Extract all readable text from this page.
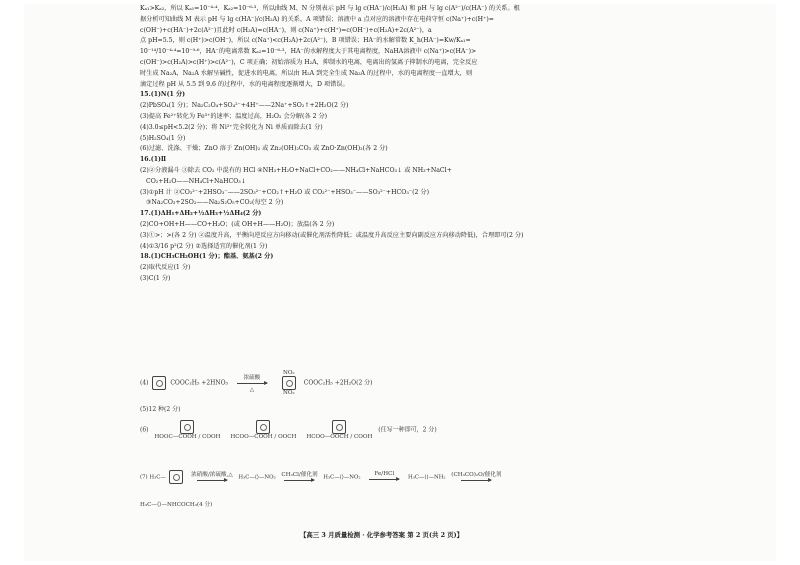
Kₐ₁>Kₐ₂，所以 Kₐ₁=10⁻⁴·⁴，Kₐ₂=10⁻⁶·³，所以曲线 M、N 分别表示 pH 与 lg c(HA⁻)/c(H₂A) 和 pH 与 lg c(A²⁻)/c(HA⁻) 的关系。根
据分析可知曲线 M 表示 pH 与 lg c(HA⁻)/c(H₂A) 的关系，A 项错误；溶液中 a 点对应的溶液中存在电荷守恒 c(Na⁺)+c(H⁺)=
c(OH⁻)+c(HA⁻)+2c(A²⁻)且此时 c(H₂A)=c(HA⁻)，则 c(Na⁺)+c(H⁺)=c(OH⁻)+c(H₂A)+2c(A²⁻)，a
点 pH=5.5，则 c(H⁺)>c(OH⁻)，所以 c(Na⁺)<c(H₂A)+2c(A²⁻)，B 项错误；HA⁻的水解常数 K_h(HA⁻)=Kw/Kₐ₁=
10⁻¹⁴/10⁻⁴·⁴=10⁻⁹·⁶，HA⁻的电离常数 Kₐ₂=10⁻⁶·³，HA⁻的水解程度大于其电离程度，NaHA溶液中 c(Na⁺)>c(HA⁻)>
c(OH⁻)>c(H₂A)>c(H⁺)>c(A²⁻)，C 项正确；初始溶质为 H₂A，抑制水的电离，电离出的氢离子抑制水的电离，完全反应
时生成 Na₂A，Na₂A 水解呈碱性，促进水的电离，所以由 H₂A 到完全生成 Na₂A 的过程中，水的电离程度一直增大，则
滴定过程 pH 从 5.5 到 9.6 的过程中，水的电离程度逐渐增大，D 项错误。
15.(1)N(1 分)
(2)PbSO₄(1 分)；Na₂C₂O₄+SO₄²⁻+4H⁺——2Na⁺+SO₂↑+2H₂O(2 分)
(3)提高 Fe²⁺转化为 Fe³⁺的速率；温度过高，H₂O₂ 会分解(各 2 分)
(4)3.0≤pH<5.2(2 分)；将 Ni²⁺完全转化为 Ni 单质而除去(1 分)
(5)H₂SO₄(1 分)
(6)过滤、洗涤、干燥；ZnO 溶于 Zn(OH)₂ 或 Zn₂(OH)₂CO₃ 或 ZnO·Zn(OH)₂(各 2 分)
16.(1)Ⅱ
(2)②分液漏斗 ③除去 CO₂ 中混有的 HCl ④NH₃+H₂O+NaCl+CO₂——NH₄Cl+NaHCO₃↓ 或 NH₃+NaCl+
CO₂+H₂O——NH₄Cl+NaHCO₃↓
(3)①pH 计 ②CO₃²⁻+2HSO₃⁻——2SO₃²⁻+CO₂↑+H₂O 或 CO₃²⁻+HSO₃⁻——SO₃²⁻+HCO₃⁻(2 分)
③Na₂CO₃+2SO₂——Na₂S₂O₅+CO₂(每空 2 分)
17.(1)ΔH₁+ΔH₂+½ΔH₃+½ΔH₄(2 分)
(2)CO+OH+H——CO+H₂O；(或 OH+H——H₂O)；放温(各 2 分)
(3)①>；>(各 2 分) ②温度升高，平衡向逆反应方向移动(或催化剂活性降低；或温度升高反应主要向副反应方向移动降低)，合理即可(2 分)
(4)①3/16 p²(2 分) ②选择适宜的催化剂(1 分)
18.(1)CH₃CH₂OH(1 分)；酯基、氨基(2 分)
(2)取代反应(1 分)
(3)C(1 分)
(4)	COOC₂H₅ +2HNO₃ 浓硫酸

△ NO₂

NO₂ COOC₂H₅ +2H₂O(2 分)
(5)12 种(2 分)
(6)
HOOC—COOH / COOH HCOO—COOH / OOCH HCOO—OOCH / COOH (任写一种即可，2 分)
(7) H₃C—	浓硝酸/浓硫酸,△ H₃C—⟨⟩—NO₂ CH₃Cl/催化剂 H₃C—⟨⟩—NO₂ Fe/HCl
H₃C—⟨⟩—NH₂ (CH₃CO)₂O/催化剂

H₃C—⟨⟩—NHCOCH₃(4 分)
【高三 3 月质量检测 · 化学参考答案 第 2 页(共 2 页)】
